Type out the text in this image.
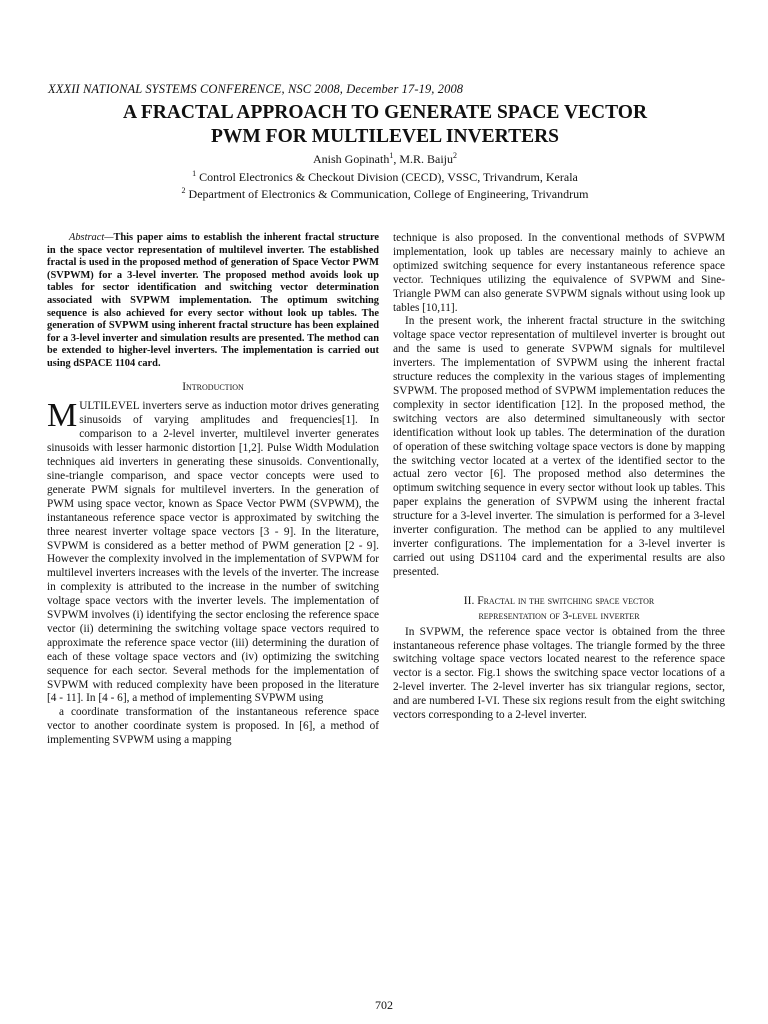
XXXII NATIONAL SYSTEMS CONFERENCE, NSC 2008, December 17-19, 2008
A FRACTAL APPROACH TO GENERATE SPACE VECTOR
PWM FOR MULTILEVEL INVERTERS
Anish Gopinath$^1$, M.R. Baiju$^2$
$^1$ Control Electronics & Checkout Division (CECD), VSSC, Trivandrum, Kerala
$^2$ Department of Electronics & Communication, College of Engineering, Trivandrum

Abstract—This paper aims to establish the inherent fractal structure in the space vector representation of multilevel inverter. The established fractal is used in the proposed method of generation of Space Vector PWM (SVPWM) for a 3-level inverter. The proposed method avoids look up tables for sector identification and switching vector determination associated with SVPWM implementation. The optimum switching sequence is also achieved for every sector without look up tables. The generation of SVPWM using inherent fractal structure has been explained for a 3-level inverter and simulation results are presented. The method can be extended to higher-level inverters. The implementation is carried out using dSPACE 1104 card.

Introduction

MULTILEVEL inverters serve as induction motor drives generating sinusoids of varying amplitudes and frequencies[1]. In comparison to a 2-level inverter, multilevel inverter generates sinusoids with lesser harmonic distortion [1,2]. Pulse Width Modulation techniques aid inverters in generating these sinusoids. Conventionally, sine-triangle comparison, and space vector concepts were used to generate PWM signals for multilevel inverters. In the generation of PWM using space vector, known as Space Vector PWM (SVPWM), the instantaneous reference space vector is approximated by switching the three nearest inverter voltage space vectors [3 - 9]. In the literature, SVPWM is considered as a better method of PWM generation [2 - 9]. However the complexity involved in the implementation of SVPWM for multilevel inverters increases with the levels of the inverter. The increase in complexity is attributed to the increase in the number of switching voltage space vectors with the inverter levels. The implementation of SVPWM involves (i) identifying the sector enclosing the reference space vector (ii) determining the switching voltage space vectors required to approximate the reference space vector (iii) determining the duration of each of these voltage space vectors and (iv) optimizing the switching sequence for each sector. Several methods for the implementation of SVPWM with reduced complexity have been proposed in the literature [4 - 11]. In [4 - 6], a method of implementing SVPWM using

a coordinate transformation of the instantaneous reference space vector to another coordinate system is proposed. In [6], a method of implementing SVPWM using a mapping

technique is also proposed. In the conventional methods of SVPWM implementation, look up tables are necessary mainly to achieve an optimized switching sequence for every instantaneous reference space vector. Techniques utilizing the equivalence of SVPWM and Sine-Triangle PWM can also generate SVPWM signals without using look up tables [10,11].

In the present work, the inherent fractal structure in the switching voltage space vector representation of multilevel inverter is brought out and the same is used to generate SVPWM signals for multilevel inverters. The implementation of SVPWM using the inherent fractal structure reduces the complexity in the various stages of implementing SVPWM. The proposed method of SVPWM implementation reduces the complexity in sector identification [12]. In the proposed method, the switching vectors are also determined simultaneously with sector identification without look up tables. The determination of the duration of operation of these switching voltage space vectors is done by mapping the switching vector located at a vertex of the identified sector to the actual zero vector [6]. The proposed method also determines the optimum switching sequence in every sector without look up tables. This paper explains the generation of SVPWM using the inherent fractal structure for a 3-level inverter. The simulation is performed for a 3-level inverter configuration. The method can be applied to any multilevel inverter configurations. The implementation for a 3-level inverter is carried out using DS1104 card and the experimental results are also presented.

II. Fractal in the switching space vector
representation of 3-level inverter

In SVPWM, the reference space vector is obtained from the three instantaneous reference phase voltages. The triangle formed by the three switching voltage space vectors located nearest to the reference space vector is a sector. Fig.1 shows the switching space vector locations of a 2-level inverter. The 2-level inverter has six triangular regions, sector, and are numbered I-VI. These six regions result from the eight switching vectors corresponding to a 2-level inverter.

702
